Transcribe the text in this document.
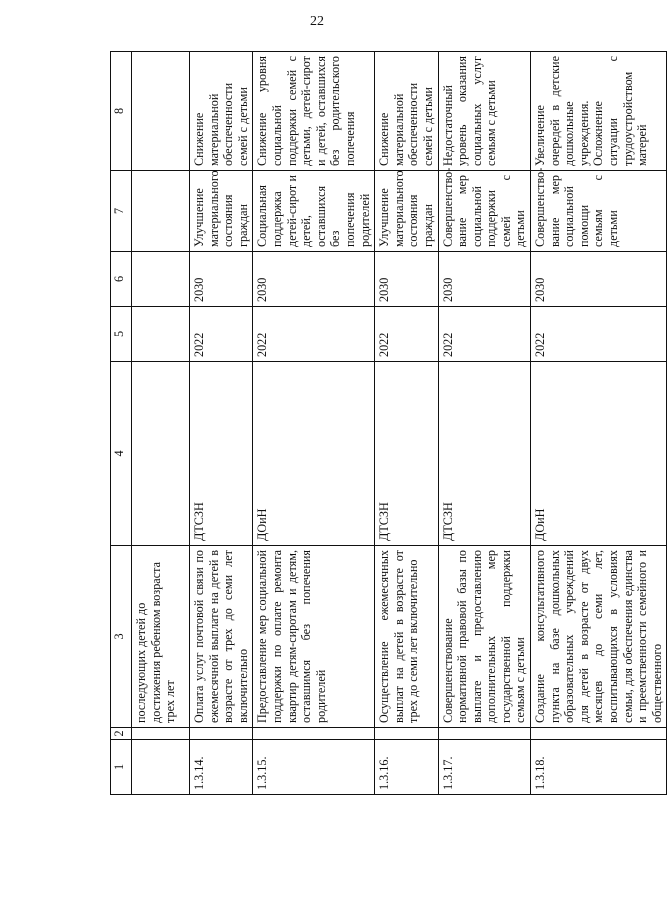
22
1	2	3	4	5	6	7	8
		последующих детей до достижения ребенком возраста трех лет					
1.3.14.		Оплата услуг почтовой связи по ежемесячной выплате на детей в возрасте от трех до семи лет включительно	ДТСЗН	2022	2030	Улучшение материального состояния граждан	Снижение материальной обеспеченности семей с детьми
1.3.15.		Предоставление мер социальной поддержки по оплате ремонта квартир детям-сиротам и детям, оставшимся без попечения родителей	ДОиН	2022	2030	Социальная поддержка детей-сирот и детей, оставшихся без попечения родителей	Снижение уровня социальной поддержки семей с детьми, детей-сирот и детей, оставшихся без родительского попечения
1.3.16.		Осуществление ежемесячных выплат на детей в возрасте от трех до семи лет включительно	ДТСЗН	2022	2030	Улучшение материального состояния граждан	Снижение материальной обеспеченности семей с детьми
1.3.17.		Совершенствование нормативной правовой базы по выплате и предоставлению дополнительных мер государственной поддержки семьям с детьми	ДТСЗН	2022	2030	Совершенство-вание мер социальной поддержки семей с детьми	Недостаточный уровень оказания социальных услуг семьям с детьми
1.3.18.		Создание консультативного пункта на базе дошкольных образовательных учреждений для детей в возрасте от двух месяцев до семи лет, воспитывающихся в условиях семьи, для обеспечения единства и преемственности семейного и общественного	ДОиН	2022	2030	Совершенство-вание мер социальной помощи семьям с детьми	Увеличение очередей в детские дошкольные учреждения. Осложнение ситуации с трудоустройством матерей
